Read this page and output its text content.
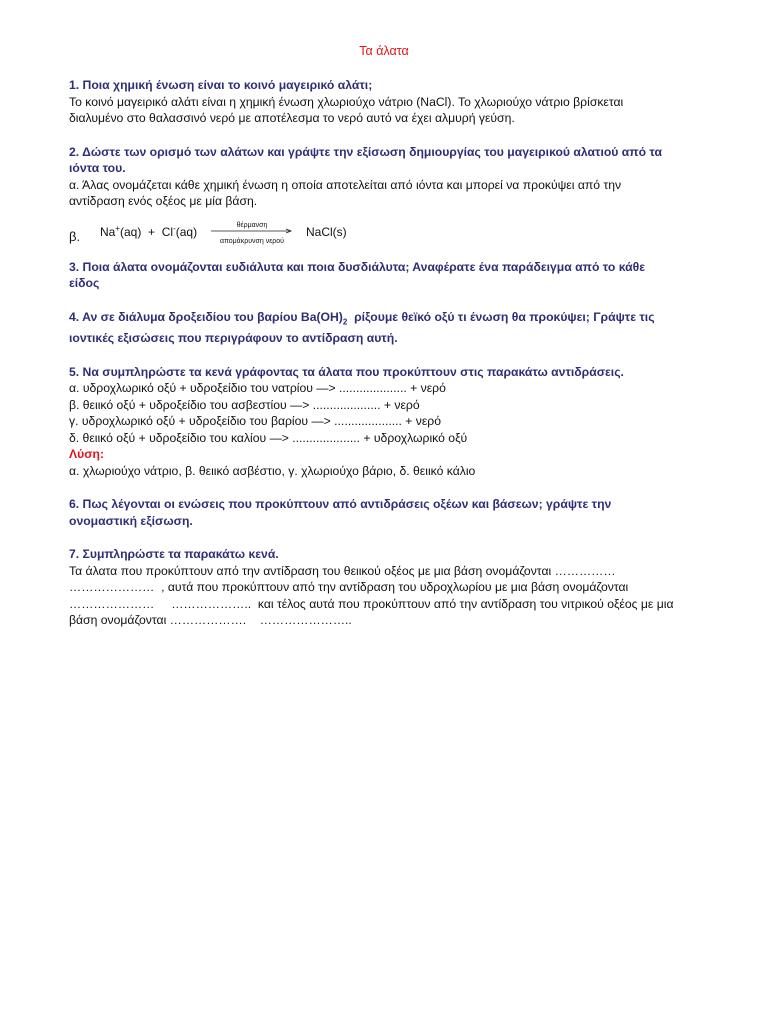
Τα άλατα
1. Ποια χημική ένωση είναι το κοινό μαγειρικό αλάτι;
Το κοινό μαγειρικό αλάτι είναι η χημική ένωση χλωριούχο νάτριο (NaCl). Το χλωριούχο νάτριο βρίσκεται
διαλυμένο στο θαλασσινό νερό με αποτέλεσμα το νερό αυτό να έχει αλμυρή γεύση.
2. Δώστε των ορισμό των αλάτων και γράψτε την εξίσωση δημιουργίας του μαγειρικού αλατιού από τα
ιόντα του.
α. Άλας ονομάζεται κάθε χημική ένωση η οποία αποτελείται από ιόντα και μπορεί να προκύψει από την
αντίδραση ενός οξέος με μία βάση.
β. Na+(aq) + Cl-(aq)	θέρμανση
απομάκρυνση νερού
NaCl(s)
3. Ποια άλατα ονομάζονται ευδιάλυτα και ποια δυσδιάλυτα; Αναφέρατε ένα παράδειγμα από το κάθε
είδος
4. Αν σε διάλυμα δροξειδίου του βαρίου $Ba(OH)_2$  ρίξουμε θεϊκό οξύ τι ένωση θα προκύψει; Γράψτε τις
ιοντικές εξισώσεις που περιγράφουν το αντίδραση αυτή.
5. Να συμπληρώστε τα κενά γράφοντας τα άλατα που προκύπτουν στις παρακάτω αντιδράσεις.
α. υδροχλωρικό οξύ + υδροξείδιο του νατρίου —> .................... + νερό
β. θειικό οξύ + υδροξείδιο του ασβεστίου —> .................... + νερό
γ. υδροχλωρικό οξύ + υδροξείδιο του βαρίου —> .................... + νερό
δ. θειικό οξύ + υδροξείδιο του καλίου —> .................... + υδροχλωρικό οξύ
Λύση:
α. χλωριούχο νάτριο, β. θειικό ασβέστιο, γ. χλωριούχο βάριο, δ. θειικό κάλιο
6. Πως λέγονται οι ενώσεις που προκύπτουν από αντιδράσεις οξέων και βάσεων; γράψτε την
ονομαστική εξίσωση.
7. Συμπληρώστε τα παρακάτω κενά.
Τα άλατα που προκύπτουν από την αντίδραση του θειικού οξέος με μια βάση ονομάζονται ……………
…………………  , αυτά που προκύπτουν από την αντίδραση του υδροχλωρίου με μια βάση ονομάζονται
…………………     ………………..  και τέλος αυτά που προκύπτουν από την αντίδραση του νιτρικού οξέος με μια
βάση ονομάζονται ……………….    …………………..
